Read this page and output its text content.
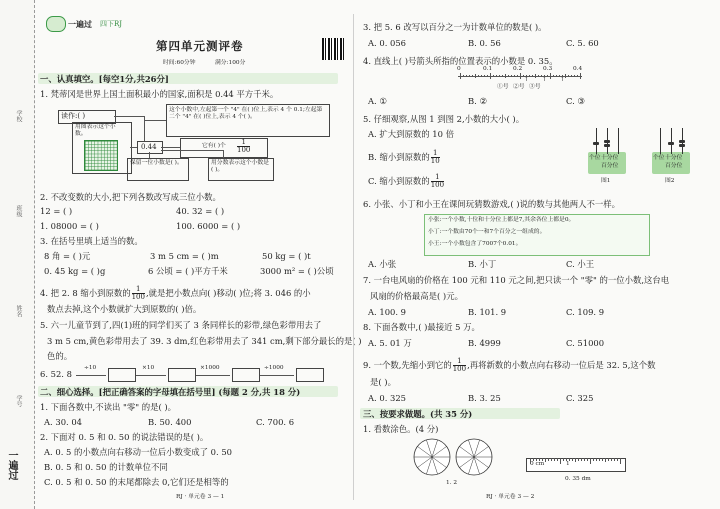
学校
班级
姓名
学号
一遍过
一遍过 四下RJ
第四单元测评卷
时间:60分钟	满分:100分
一、认真填空。[每空1分,共26分]
1. 梵蒂冈是世界上国土面积最小的国家,面积是 0.44 平方千米。
读作:( )
这个小数中,左起第一个 "4" 在( )位上,表示 4 个 0.1;左起第二个 "4" 在( )位上,表示 4 个( )。
用图表示这个小数。
0.44	它有( )个 $\frac{1}{100}$
保留一位小数是( )。	用分数表示这个小数是( )。
2. 不改变数的大小,把下列各数改写成三位小数。
12 = ( )	40. 32 = ( )
1. 08000 = ( )	100. 6000 = ( )
3. 在括号里填上适当的数。
8 角 = ( )元	3 m 5 cm = ( )m	50 kg = ( )t
0. 45 kg = ( )g	6 公顷 = ( )平方千米	3000 m² = ( )公顷
4. 把 2. 8 缩小到原数的 $\frac{1}{100}$ ,就是把小数点向( )移动( )位;将 3. 046 的小
数点去掉,这个小数就扩大到原数的( )倍。
5. 六一儿童节到了,四(1)班的同学们买了 3 条同样长的彩带,绿色彩带用去了
3 m 5 cm,黄色彩带用去了 39. 3 dm,红色彩带用去了 341 cm,剩下部分最长的是( )
色的。
6. 52. 8
÷10	×10	×1000	÷1000
二、细心选择。[把正确答案的字母填在括号里] (每题 2 分,共 18 分)
1. 下面各数中,不读出 "零" 的是( )。
A. 30. 04	B. 50. 400	C. 700. 6
2. 下面对 0. 5 和 0. 50 的说法错误的是( )。
A. 0. 5 的小数点向右移动一位后小数变成了 0. 50
B. 0. 5 和 0. 50 的计数单位不同
C. 0. 5 和 0. 50 的末尾都除去 0,它们还是相等的
RJ · 单元卷 3 — 1
3. 把 5. 6 改写以百分之一为计数单位的数是( )。
A. 0. 056	B. 0. 56	C. 5. 60
4. 直线上( )号箭头所指的位置表示的小数是 0. 35。
0	0.1	0.2	0.3	0.4
①号 ②号 ③号
A. ①	B. ②	C. ③
5. 仔细观察,从图 1 到图 2,小数的大小( )。
A. 扩大到原数的 10 倍
B. 缩小到原数的 $\frac{1}{10}$
C. 缩小到原数的 $\frac{1}{100}$
个位 十分位
百分位
图1
个位 十分位
百分位
图2
6. 小张、小丁和小王在课间玩猜数游戏,( )说的数与其他两人不一样。
小张:一个小数,十位和十分位上都是7,其余各位上都是0。
小丁:一个数由70个一和7个百分之一组成的。
小王:一个小数包含了7007个0.01。
A. 小张	B. 小丁	C. 小王
7. 一台电风扇的价格在 100 元和 110 元之间,把只读一个 "零" 的一位小数,这台电
风扇的价格最高是( )元。
A. 100. 9	B. 101. 9	C. 109. 9
8. 下面各数中,( )最接近 5 万。
A. 5. 01 万	B. 4999	C. 51000
9. 一个数,先缩小到它的 $\frac{1}{100}$ ,再将新数的小数点向右移动一位后是 32. 5,这个数
是( )。
A. 0. 325	B. 3. 25	C. 325
三、按要求做题。(共 35 分)
1. 看数涂色。(4 分)
1. 2
0 cm	1
0. 35 dm
RJ · 单元卷 3 — 2
↑ ↑ ↑
